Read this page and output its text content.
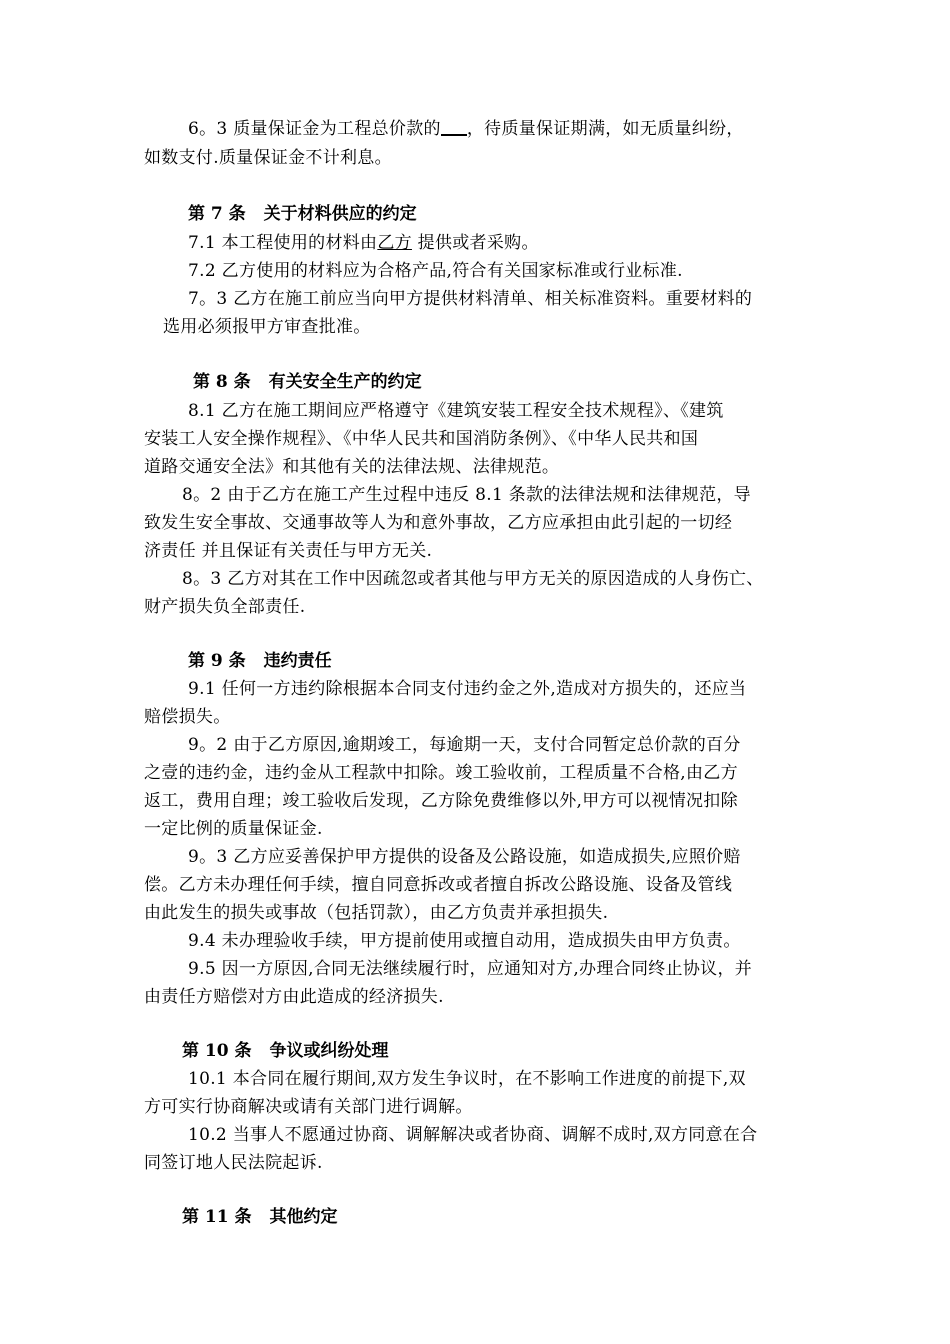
6。3 质量保证金为工程总价款的 ，待质量保证期满，如无质量纠纷，
如数支付.质量保证金不计利息。
第 7 条 关于材料供应的约定
7.1 本工程使用的材料由乙方 提供或者采购。
7.2 乙方使用的材料应为合格产品,符合有关国家标准或行业标准.
7。3 乙方在施工前应当向甲方提供材料清单、相关标准资料。重要材料的
选用必须报甲方审查批准。
第 8 条 有关安全生产的约定
8.1 乙方在施工期间应严格遵守《建筑安装工程安全技术规程》、《建筑
安装工人安全操作规程》、《中华人民共和国消防条例》、《中华人民共和国
道路交通安全法》和其他有关的法律法规、法律规范。
8。2 由于乙方在施工产生过程中违反 8.1 条款的法律法规和法律规范，导
致发生安全事故、交通事故等人为和意外事故，乙方应承担由此引起的一切经
济责任 并且保证有关责任与甲方无关.
8。3 乙方对其在工作中因疏忽或者其他与甲方无关的原因造成的人身伤亡、
财产损失负全部责任.
第 9 条 违约责任
9.1 任何一方违约除根据本合同支付违约金之外,造成对方损失的，还应当
赔偿损失。
9。2 由于乙方原因,逾期竣工，每逾期一天，支付合同暂定总价款的百分
之壹的违约金，违约金从工程款中扣除。竣工验收前，工程质量不合格,由乙方
返工，费用自理；竣工验收后发现，乙方除免费维修以外,甲方可以视情况扣除
一定比例的质量保证金.
9。3 乙方应妥善保护甲方提供的设备及公路设施，如造成损失,应照价赔
偿。乙方未办理任何手续，擅自同意拆改或者擅自拆改公路设施、设备及管线
由此发生的损失或事故（包括罚款），由乙方负责并承担损失.
9.4 未办理验收手续，甲方提前使用或擅自动用，造成损失由甲方负责。
9.5 因一方原因,合同无法继续履行时，应通知对方,办理合同终止协议，并
由责任方赔偿对方由此造成的经济损失.
第 10 条 争议或纠纷处理
10.1 本合同在履行期间,双方发生争议时，在不影响工作进度的前提下,双
方可实行协商解决或请有关部门进行调解。
10.2 当事人不愿通过协商、调解解决或者协商、调解不成时,双方同意在合
同签订地人民法院起诉.
第 11 条 其他约定
